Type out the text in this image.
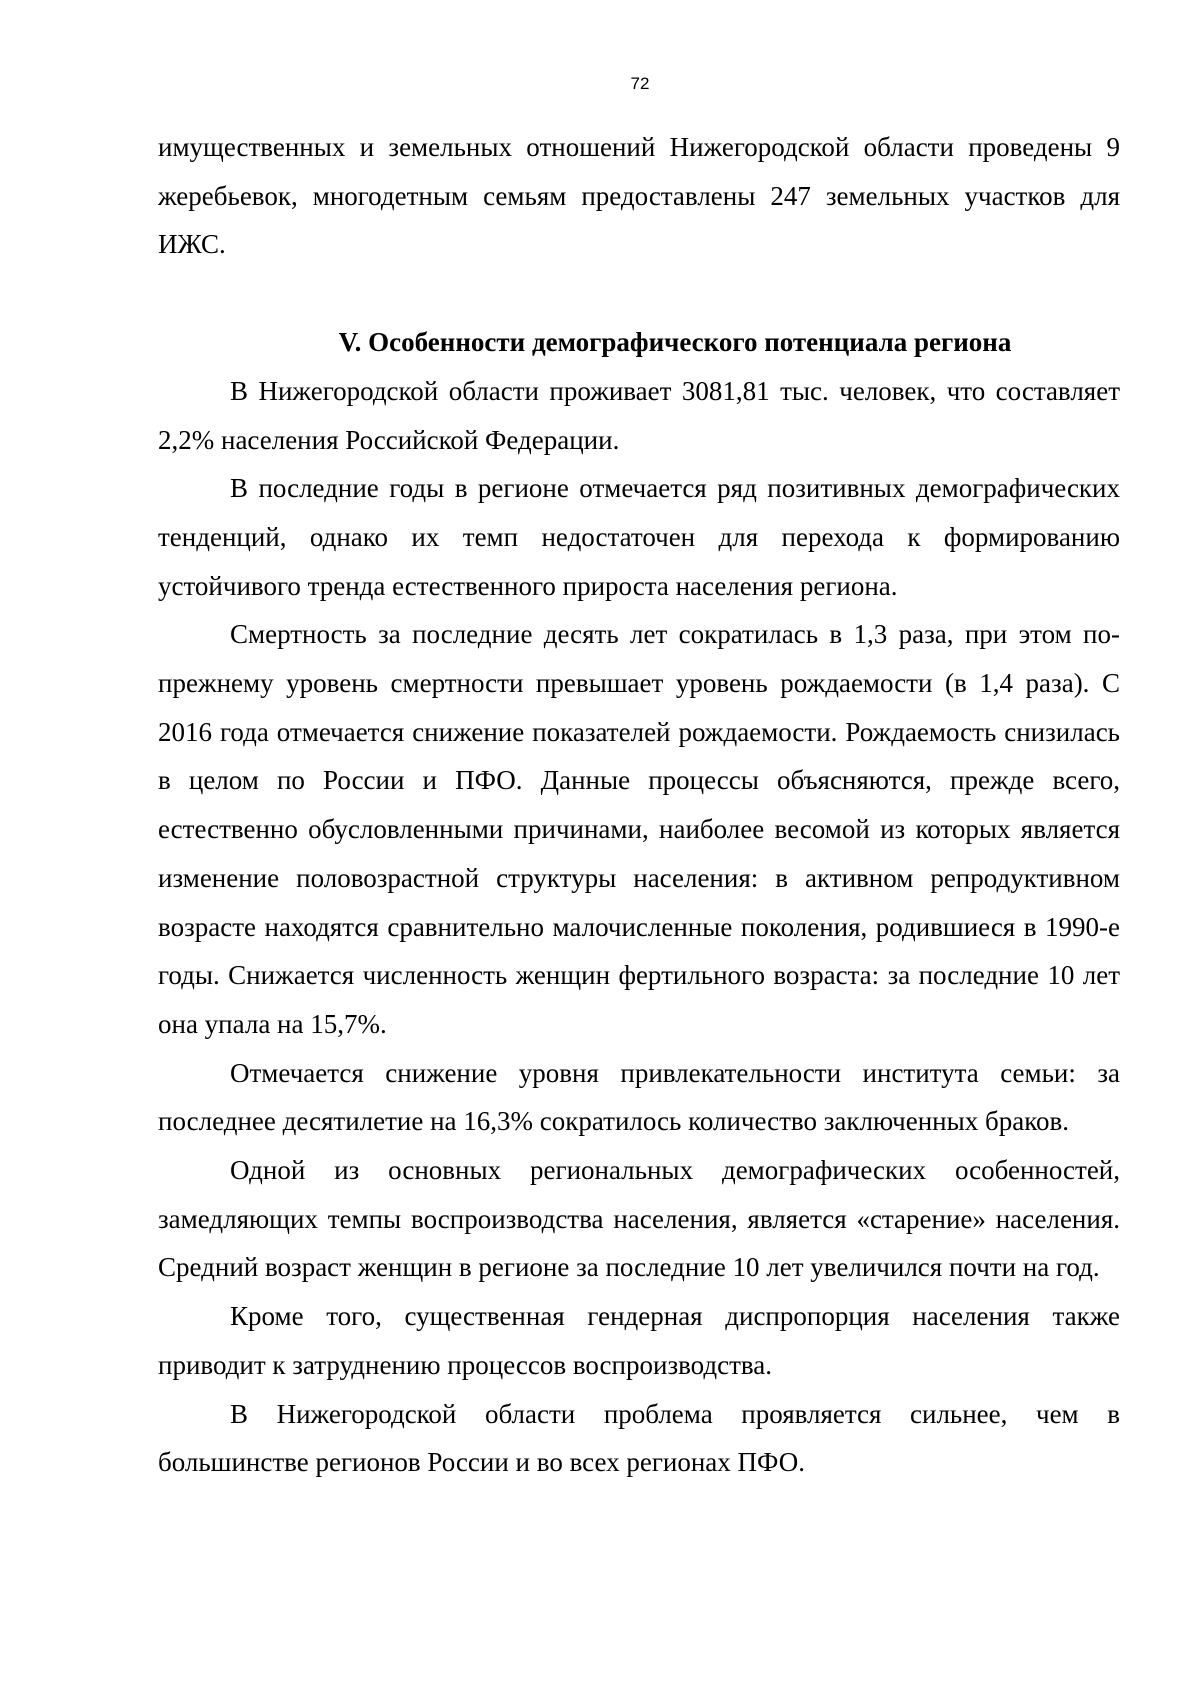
72

имущественных и земельных отношений Нижегородской области проведены 9 жеребьевок, многодетным семьям предоставлены 247 земельных участков для ИЖС.

V. Особенности демографического потенциала региона

В Нижегородской области проживает 3081,81 тыс. человек, что составляет 2,2% населения Российской Федерации.

В последние годы в регионе отмечается ряд позитивных демографических тенденций, однако их темп недостаточен для перехода к формированию устойчивого тренда естественного прироста населения региона.

Смертность за последние десять лет сократилась в 1,3 раза, при этом по-прежнему уровень смертности превышает уровень рождаемости (в 1,4 раза). С 2016 года отмечается снижение показателей рождаемости. Рождаемость снизилась в целом по России и ПФО. Данные процессы объясняются, прежде всего, естественно обусловленными причинами, наиболее весомой из которых является изменение половозрастной структуры населения: в активном репродуктивном возрасте находятся сравнительно малочисленные поколения, родившиеся в 1990-е годы. Снижается численность женщин фертильного возраста: за последние 10 лет она упала на 15,7%.

Отмечается снижение уровня привлекательности института семьи: за последнее десятилетие на 16,3% сократилось количество заключенных браков.

Одной из основных региональных демографических особенностей, замедляющих темпы воспроизводства населения, является «старение» населения. Средний возраст женщин в регионе за последние 10 лет увеличился почти на год.

Кроме того, существенная гендерная диспропорция населения также приводит к затруднению процессов воспроизводства.

В Нижегородской области проблема проявляется сильнее, чем в большинстве регионов России и во всех регионах ПФО.
